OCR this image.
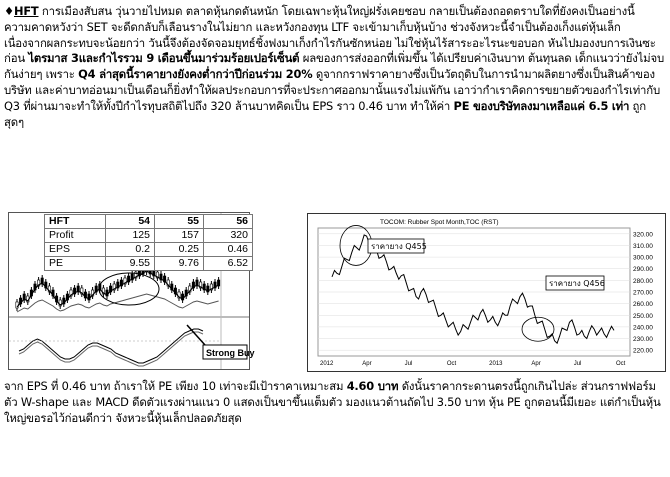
♦HFT การเมืองสับสน วุ่นวายไปหมด ตลาดหุ้นกดดันหนัก โดยเฉพาะหุ้นใหญ่ฝรั่งเคยชอบ กลายเป็นต้องถอดตราบใดที่ยังคงเป็นอย่างนี้ ความคาดหวังว่า SET จะดีดกลับก็เลือนรางในไม่ยาก และหวังกองทุน LTF จะเข้ามาเก็บหุ้นบ้าง ช่วงจังหวะนี้จำเป็นต้องเก็งแต่หุ้นเล็ก เนื่องจากผลกระทบจะน้อยกว่า วันนี้จึงต้องจัดจอมยุทธ์ชิ้งฟงมาเก็งกำไรกันซักหน่อย ไม่ใช่หุ้นไร้สาระอะไรนะขอบอก หันไปมองงบการเงินซะก่อน ไตรมาส 3และกำไรรวม 9 เดือนขึ้นมาร่วมร้อยเปอร์เซ็นต์ ผลของการส่งออกที่เพิ่มขึ้น ได้เปรียบค่าเงินบาท ต้นทุนลด เด็กแนวว่ายังไม่จบกันง่ายๆ เพราะ Q4 ล่าสุดนี้ราคายางยังคงต่ำกว่าปีก่อนร่วม 20% ดูจากกราฟราคายางซึ่งเป็นวัตถุดิบในการนำมาผลิตยางซึ่งเป็นสินค้าของบริษัท และค่าบาทอ่อนมาเป็นเดือนก็ยิ่งทำให้ผลประกอบการที่จะประกาศออกมานั้นแรงไม่แพ้กัน เอาว่ากำเราคิดการขยายตัวของกำไรเท่ากับ Q3 ที่ผ่านมาจะทำให้ทั้งปีกำไรทุบสถิติไปถึง 320 ล้านบาทคิดเป็น EPS ราว 0.46 บาท ทำให้ค่า PE ของบริษัทลงมาเหลือแค่ 6.5 เท่า ถูกสุดๆ
Strong Buy
HFT	54	55	56
Profit	125	157	320
EPS	0.2	0.25	0.46
PE	9.55	9.76	6.52
TOCOM: Rubber Spot Month,TOC (RST)
320.00
310.00
300.00
290.00
280.00
270.00
260.00
250.00
240.00
230.00
220.00
2012	Apr	Jul	Oct	2013	Apr	Jul	Oct
ราคายาง Q455
ราคายาง Q456
จาก EPS ที่ 0.46 บาท ถ้าเราให้ PE เพียง 10 เท่าจะมีเป้าราคาเหมาะสม 4.60 บาท ดังนั้นราคากระดานตรงนี้ถูกเกินไปล่ะ ส่วนกราฟฟอร์มตัว W-shape และ MACD ดีดตัวแรงผ่านแนว 0 แสดงเป็นขาขึ้นแต็มตัว มองแนวต้านถัดไป 3.50 บาท หุ้น PE ถูกตอนนี้มีเยอะ แต่กำเป็นหุ้นใหญ่ขอรอไว้ก่อนดีกว่า จังหวะนี้หุ้นเล็กปลอดภัยสุด
